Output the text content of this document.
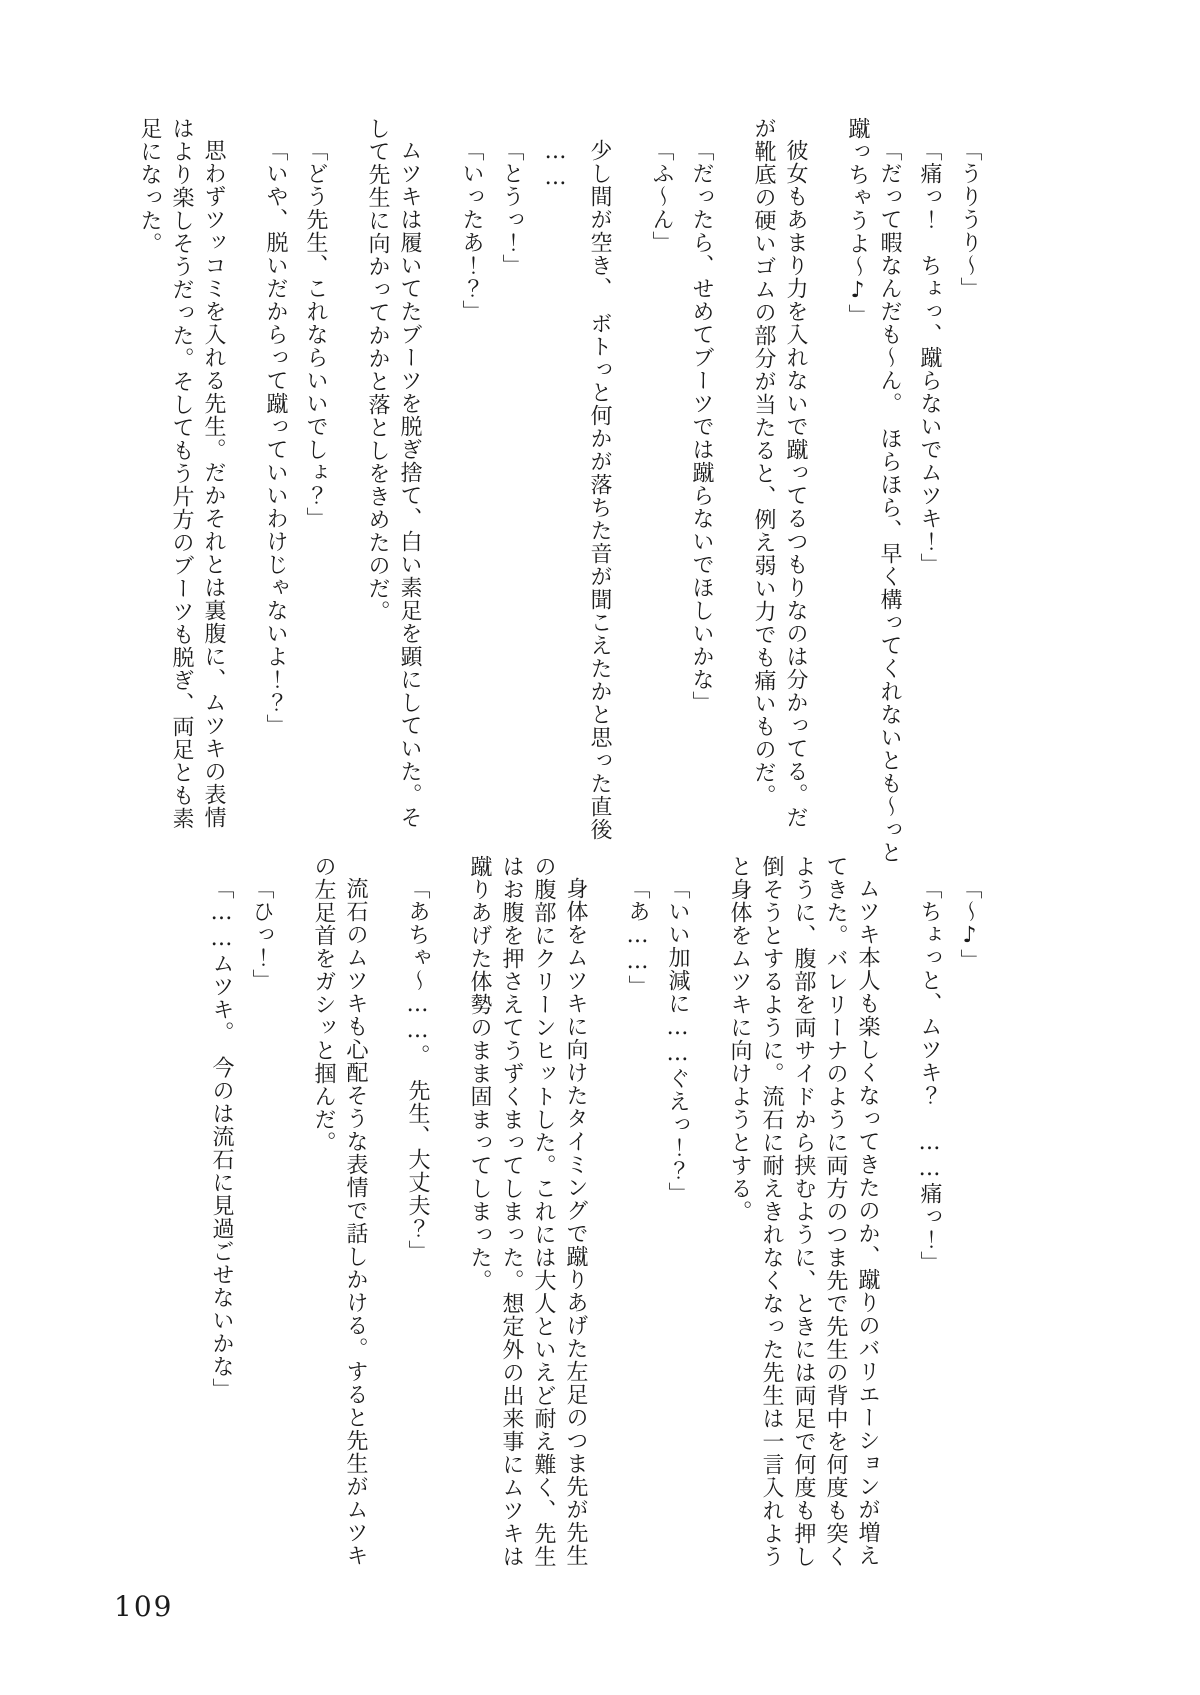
「うりうり～」

「痛っ！　ちょっ、蹴らないでムツキ！」

「だって暇なんだも～ん。　ほらほら、早く構ってくれないとも～っと
蹴っちゃうよ～♪」

彼女もあまり力を入れないで蹴ってるつもりなのは分かってる。だ
が靴底の硬いゴムの部分が当たると、例え弱い力でも痛いものだ。

「だったら、せめてブーツでは蹴らないでほしいかな」

「ふ～ん」

少し間が空き、　ボトっと何かが落ちた音が聞こえたかと思った直後

……

「とうっ！」

「いったあ！？」

ムツキは履いてたブーツを脱ぎ捨て、白い素足を顕にしていた。そ
して先生に向かってかかと落としをきめたのだ。

「どう先生、これならいいでしょ？」

「いや、脱いだからって蹴っていいわけじゃないよ！？」

思わずツッコミを入れる先生。だかそれとは裏腹に、ムツキの表情
はより楽しそうだった。そしてもう片方のブーツも脱ぎ、両足とも素
足になった。

「～♪」

「ちょっと、ムツキ？　……痛っ！」

ムツキ本人も楽しくなってきたのか、蹴りのバリエーションが増え
てきた。バレリーナのように両方のつま先で先生の背中を何度も突く
ように、腹部を両サイドから挟むように、ときには両足で何度も押し
倒そうとするように。流石に耐えきれなくなった先生は一言入れよう
と身体をムツキに向けようとする。

「いい加減に……ぐえっ！？」

「あ……」

身体をムツキに向けたタイミングで蹴りあげた左足のつま先が先生
の腹部にクリーンヒットした。これには大人といえど耐え難く、先生
はお腹を押さえてうずくまってしまった。想定外の出来事にムツキは
蹴りあげた体勢のまま固まってしまった。

「あちゃ～……。　先生、大丈夫？」

流石のムツキも心配そうな表情で話しかける。すると先生がムツキ
の左足首をガシッと掴んだ。

「ひっ！」

「……ムツキ。　今のは流石に見過ごせないかな」

109
